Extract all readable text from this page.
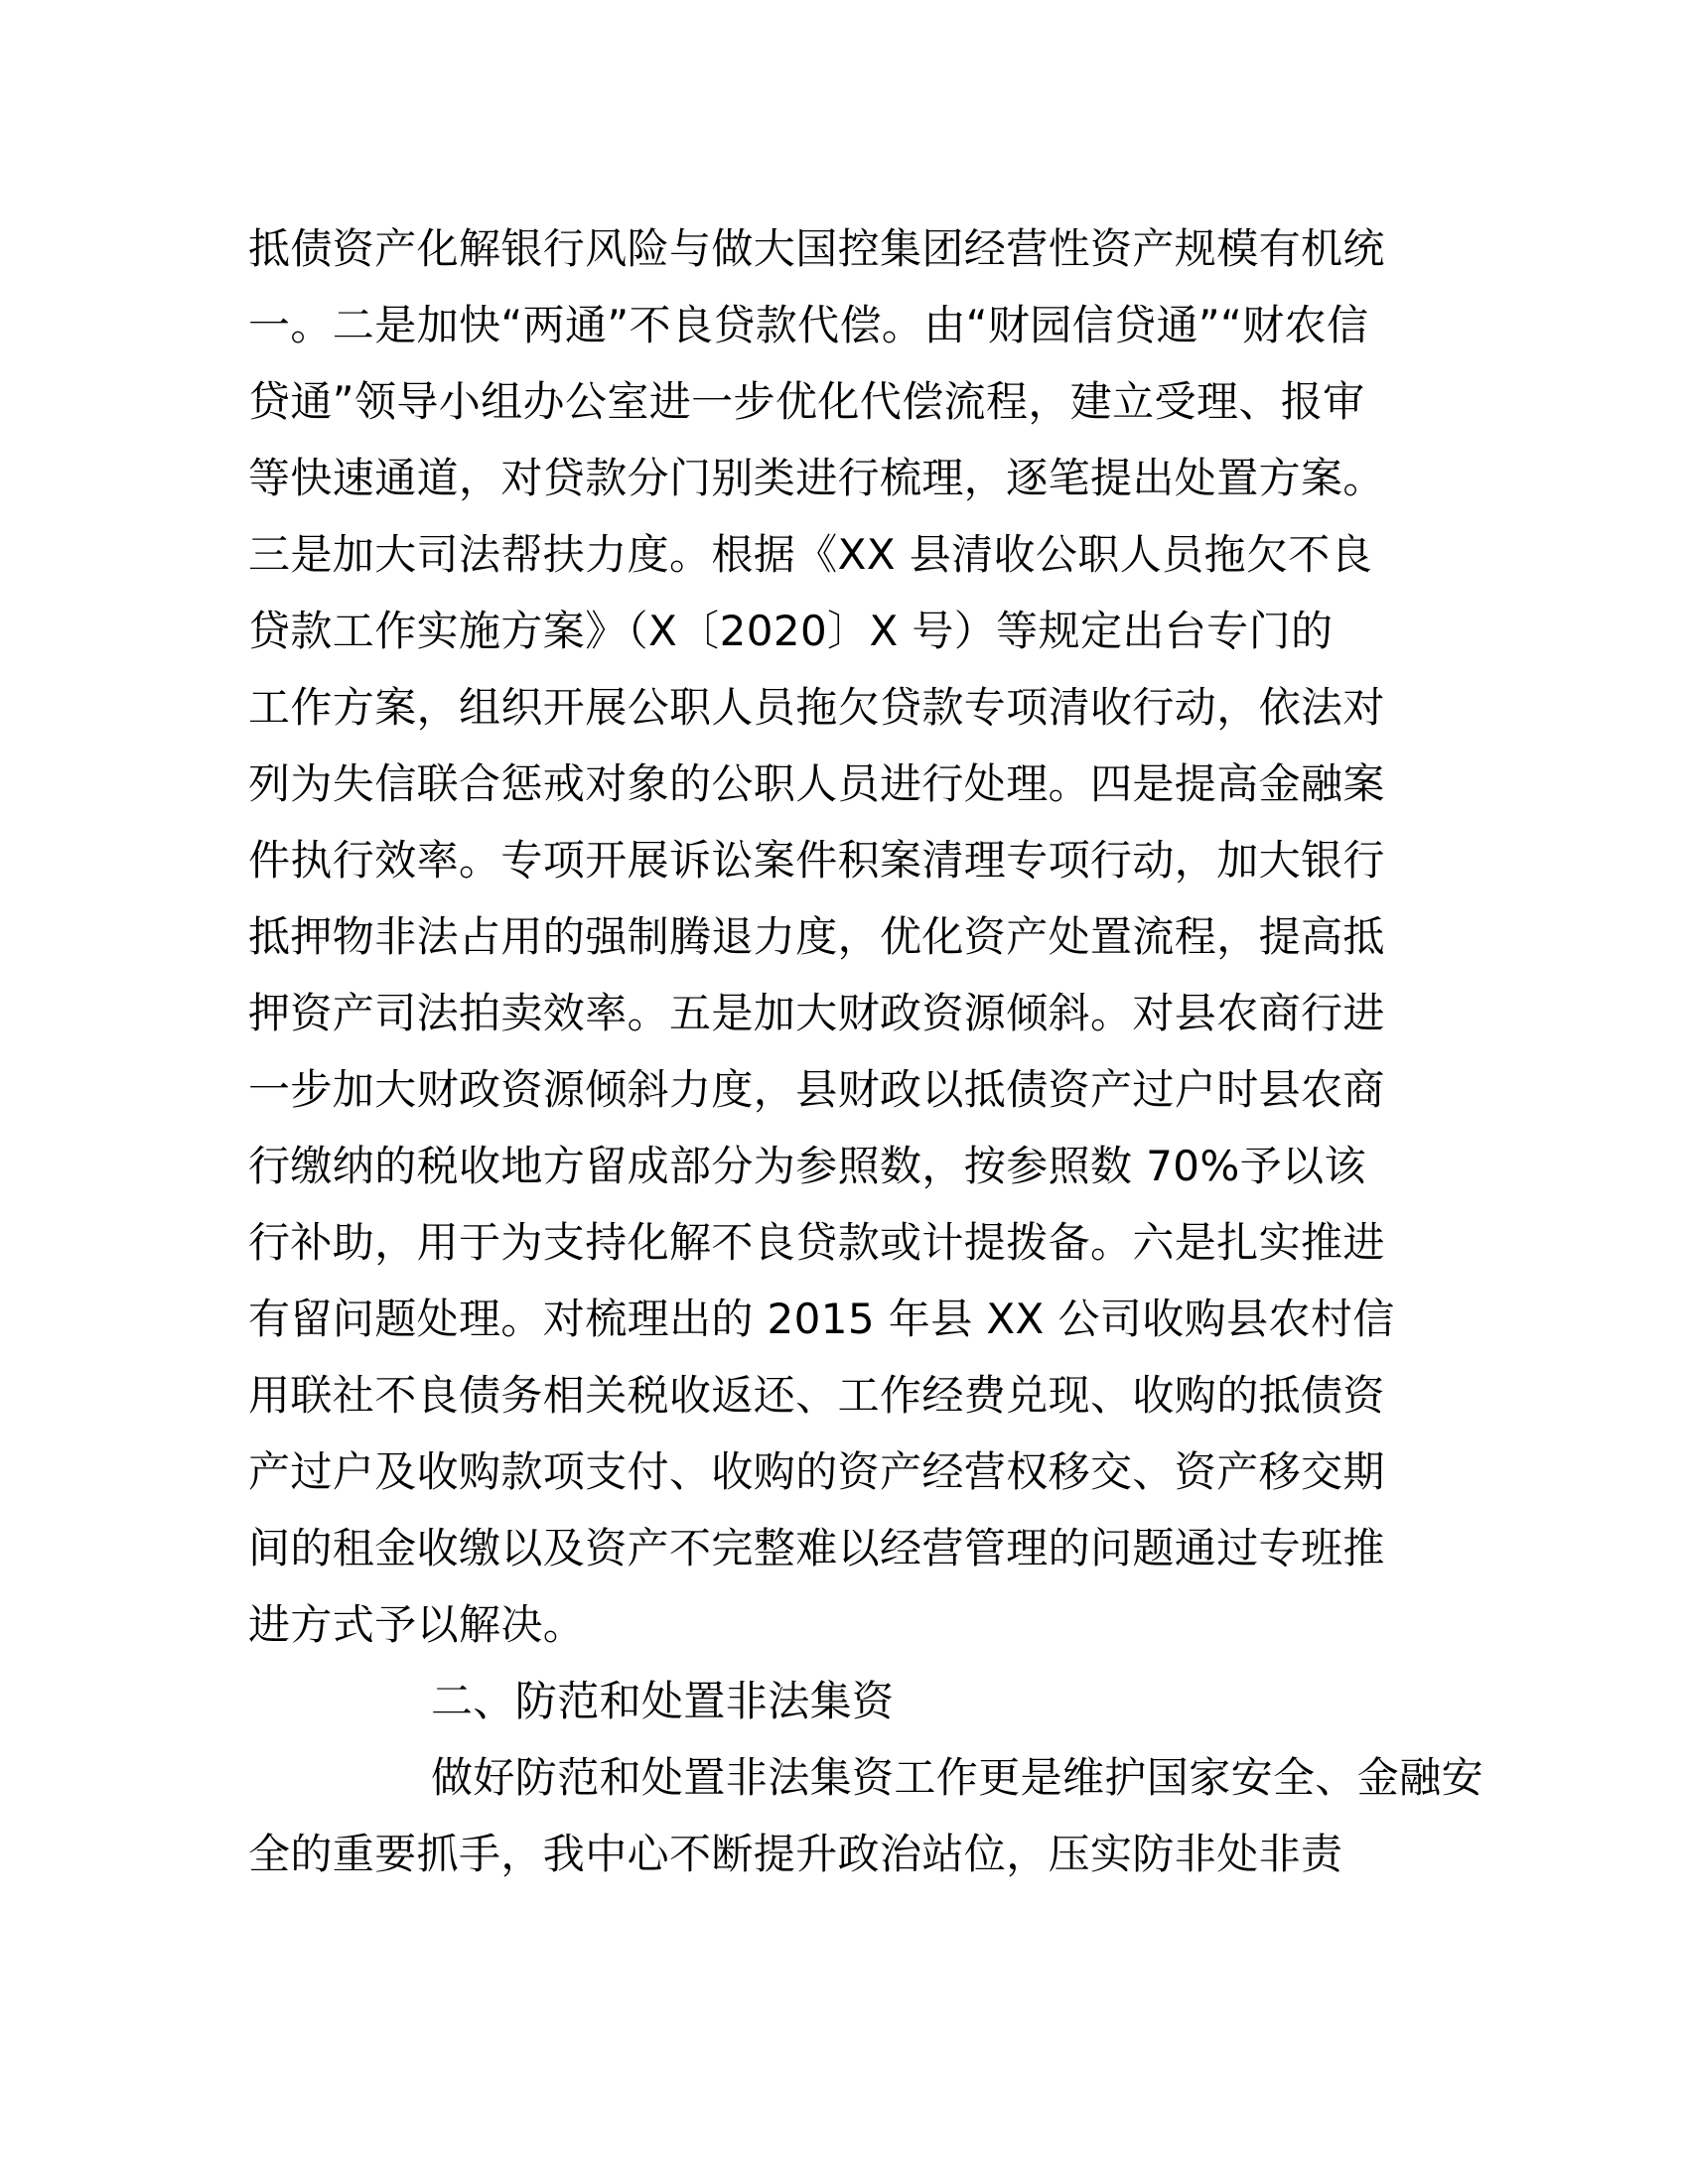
抵债资产化解银行风险与做大国控集团经营性资产规模有机统
一。二是加快“两通”不良贷款代偿。由“财园信贷通”“财农信
贷通”领导小组办公室进一步优化代偿流程，建立受理、报审
等快速通道，对贷款分门别类进行梳理，逐笔提出处置方案。
三是加大司法帮扶力度。根据《XX 县清收公职人员拖欠不良
贷款工作实施方案》（X〔2020〕X 号）等规定出台专门的
工作方案，组织开展公职人员拖欠贷款专项清收行动，依法对
列为失信联合惩戒对象的公职人员进行处理。四是提高金融案
件执行效率。专项开展诉讼案件积案清理专项行动，加大银行
抵押物非法占用的强制腾退力度，优化资产处置流程，提高抵
押资产司法拍卖效率。五是加大财政资源倾斜。对县农商行进
一步加大财政资源倾斜力度，县财政以抵债资产过户时县农商
行缴纳的税收地方留成部分为参照数，按参照数 70%予以该
行补助，用于为支持化解不良贷款或计提拨备。六是扎实推进
有留问题处理。对梳理出的 2015 年县 XX 公司收购县农村信
用联社不良债务相关税收返还、工作经费兑现、收购的抵债资
产过户及收购款项支付、收购的资产经营权移交、资产移交期
间的租金收缴以及资产不完整难以经营管理的问题通过专班推
进方式予以解决。
二、防范和处置非法集资
做好防范和处置非法集资工作更是维护国家安全、金融安
全的重要抓手，我中心不断提升政治站位，压实防非处非责
